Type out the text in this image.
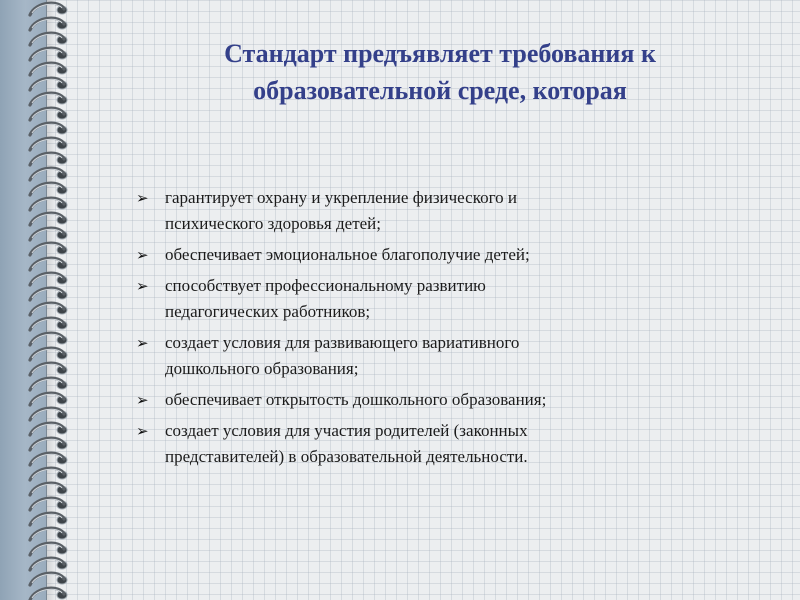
Стандарт предъявляет требования к
образовательной среде, которая
➢ гарантирует охрану и укрепление физического и
психического здоровья детей;
➢ обеспечивает эмоциональное благополучие детей;
➢ способствует профессиональному развитию
педагогических работников;
➢ создает условия для развивающего вариативного
дошкольного образования;
➢ обеспечивает открытость дошкольного образования;
➢ создает условия для участия родителей (законных
представителей) в образовательной деятельности.
